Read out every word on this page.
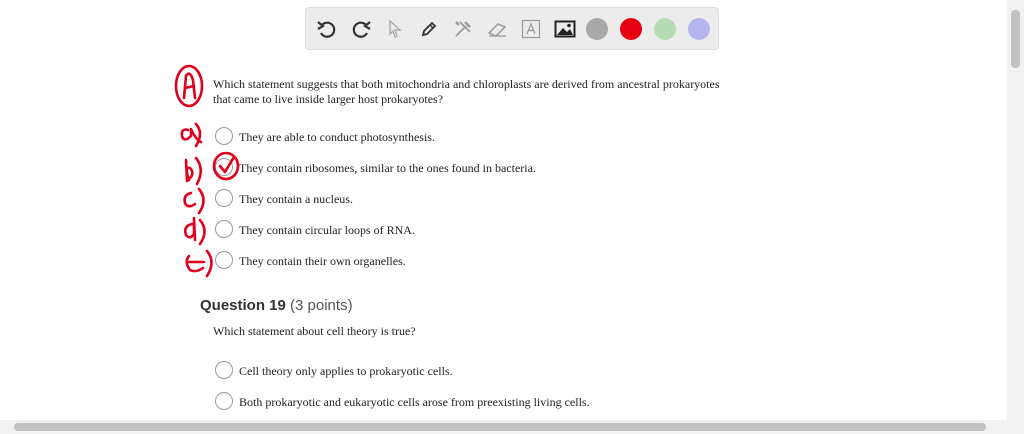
Which statement suggests that both mitochondria and chloroplasts are derived from ancestral prokaryotes
that came to live inside larger host prokaryotes?
They are able to conduct photosynthesis.
They contain ribosomes, similar to the ones found in bacteria.
They contain a nucleus.
They contain circular loops of RNA.
They contain their own organelles.
Question 19 (3 points)
Which statement about cell theory is true?
Cell theory only applies to prokaryotic cells.
Both prokaryotic and eukaryotic cells arose from preexisting living cells.
